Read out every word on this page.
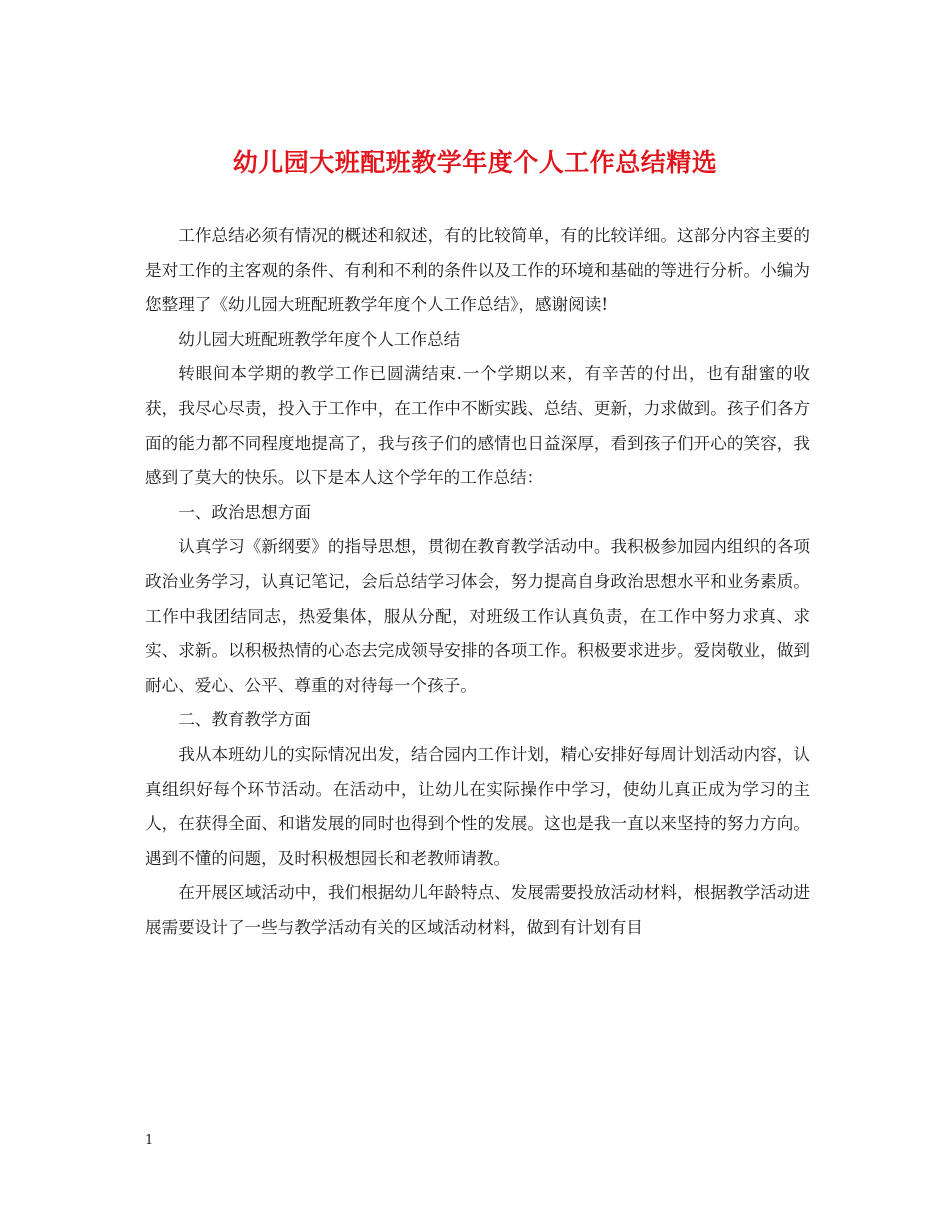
幼儿园大班配班教学年度个人工作总结精选

工作总结必须有情况的概述和叙述，有的比较简单，有的比较详细。这部分内容主要的是对工作的主客观的条件、有利和不利的条件以及工作的环境和基础的等进行分析。小编为您整理了《幼儿园大班配班教学年度个人工作总结》，感谢阅读!

幼儿园大班配班教学年度个人工作总结

转眼间本学期的教学工作已圆满结束.一个学期以来，有辛苦的付出，也有甜蜜的收获，我尽心尽责，投入于工作中，在工作中不断实践、总结、更新，力求做到。孩子们各方面的能力都不同程度地提高了，我与孩子们的感情也日益深厚，看到孩子们开心的笑容，我感到了莫大的快乐。以下是本人这个学年的工作总结：

一、政治思想方面

认真学习《新纲要》的指导思想，贯彻在教育教学活动中。我积极参加园内组织的各项政治业务学习，认真记笔记，会后总结学习体会，努力提高自身政治思想水平和业务素质。工作中我团结同志，热爱集体，服从分配，对班级工作认真负责，在工作中努力求真、求实、求新。以积极热情的心态去完成领导安排的各项工作。积极要求进步。爱岗敬业，做到耐心、爱心、公平、尊重的对待每一个孩子。

二、教育教学方面

我从本班幼儿的实际情况出发，结合园内工作计划，精心安排好每周计划活动内容，认真组织好每个环节活动。在活动中，让幼儿在实际操作中学习，使幼儿真正成为学习的主人，在获得全面、和谐发展的同时也得到个性的发展。这也是我一直以来坚持的努力方向。遇到不懂的问题，及时积极想园长和老教师请教。

在开展区域活动中，我们根据幼儿年龄特点、发展需要投放活动材料，根据教学活动进展需要设计了一些与教学活动有关的区域活动材料，做到有计划有目

1
